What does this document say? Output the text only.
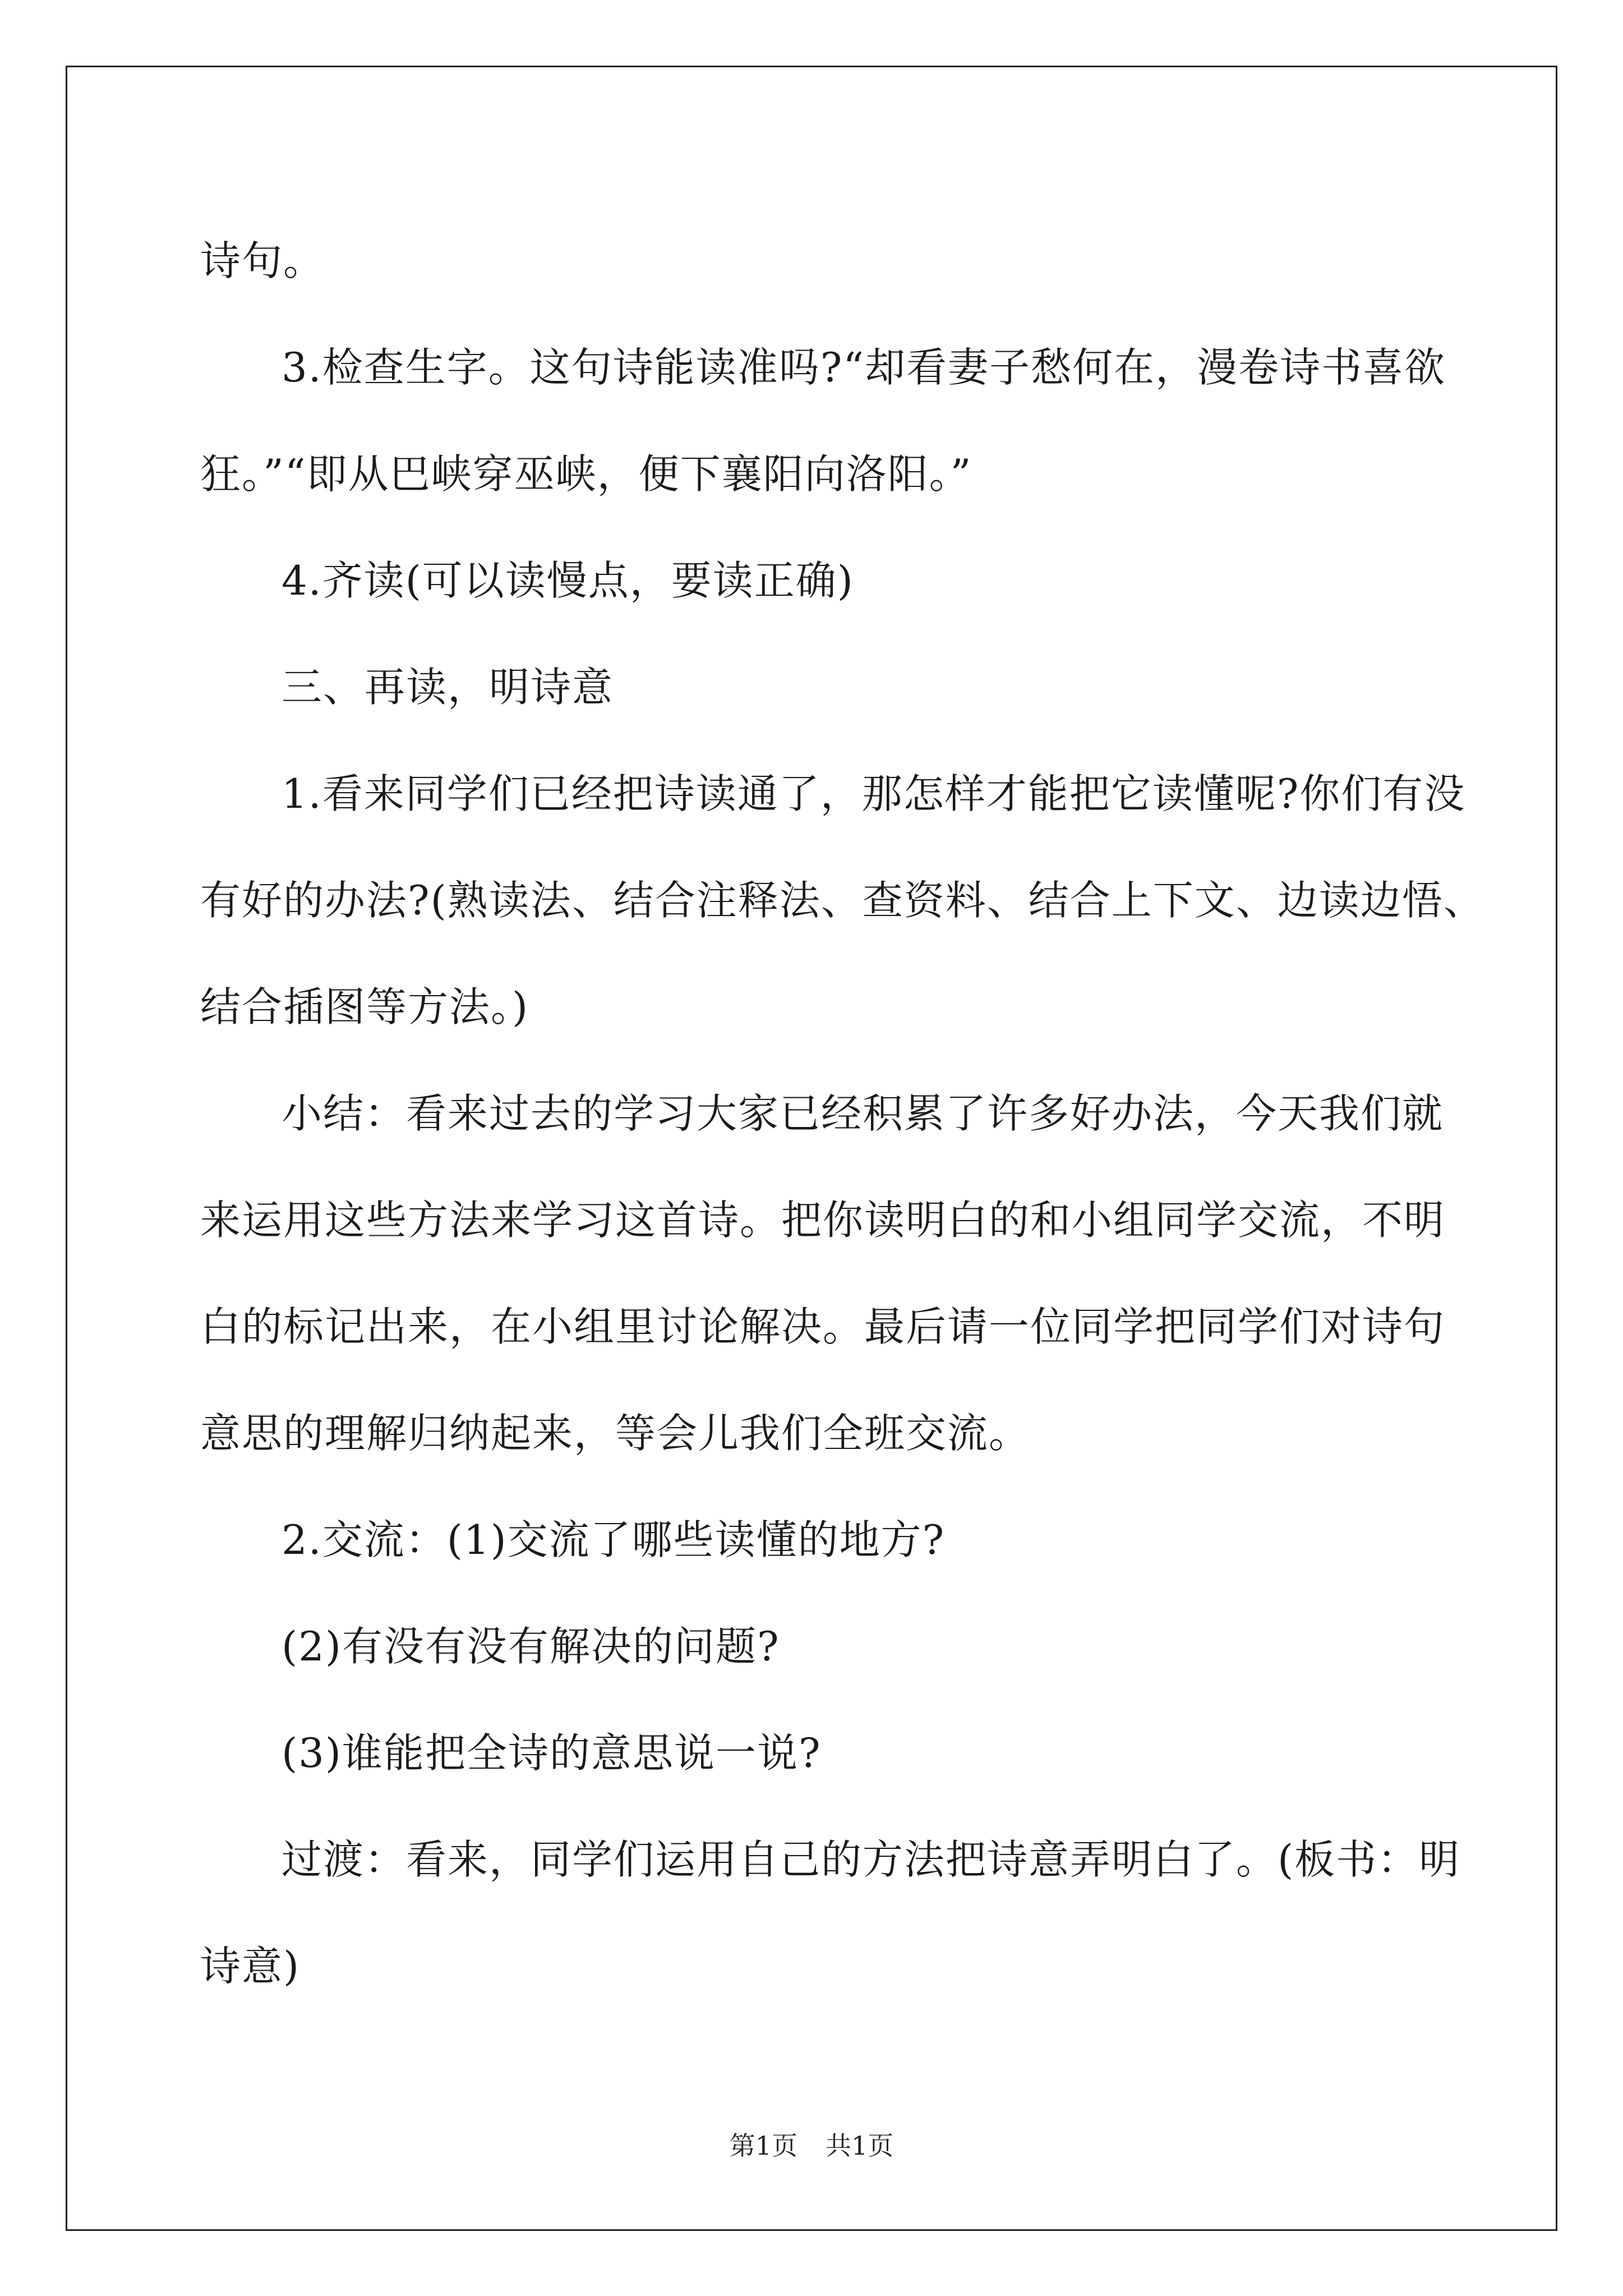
诗句。
3.检查生字。这句诗能读准吗?“却看妻子愁何在，漫卷诗书喜欲
狂。”“即从巴峡穿巫峡，便下襄阳向洛阳。”
4.齐读(可以读慢点，要读正确)
三、再读，明诗意
1.看来同学们已经把诗读通了，那怎样才能把它读懂呢?你们有没
有好的办法?(熟读法、结合注释法、查资料、结合上下文、边读边悟、
结合插图等方法。)
小结：看来过去的学习大家已经积累了许多好办法，今天我们就
来运用这些方法来学习这首诗。把你读明白的和小组同学交流，不明
白的标记出来，在小组里讨论解决。最后请一位同学把同学们对诗句
意思的理解归纳起来，等会儿我们全班交流。
2.交流：(1)交流了哪些读懂的地方?
(2)有没有没有解决的问题?
(3)谁能把全诗的意思说一说?
过渡：看来，同学们运用自己的方法把诗意弄明白了。(板书：明
诗意)
第1页 共1页
